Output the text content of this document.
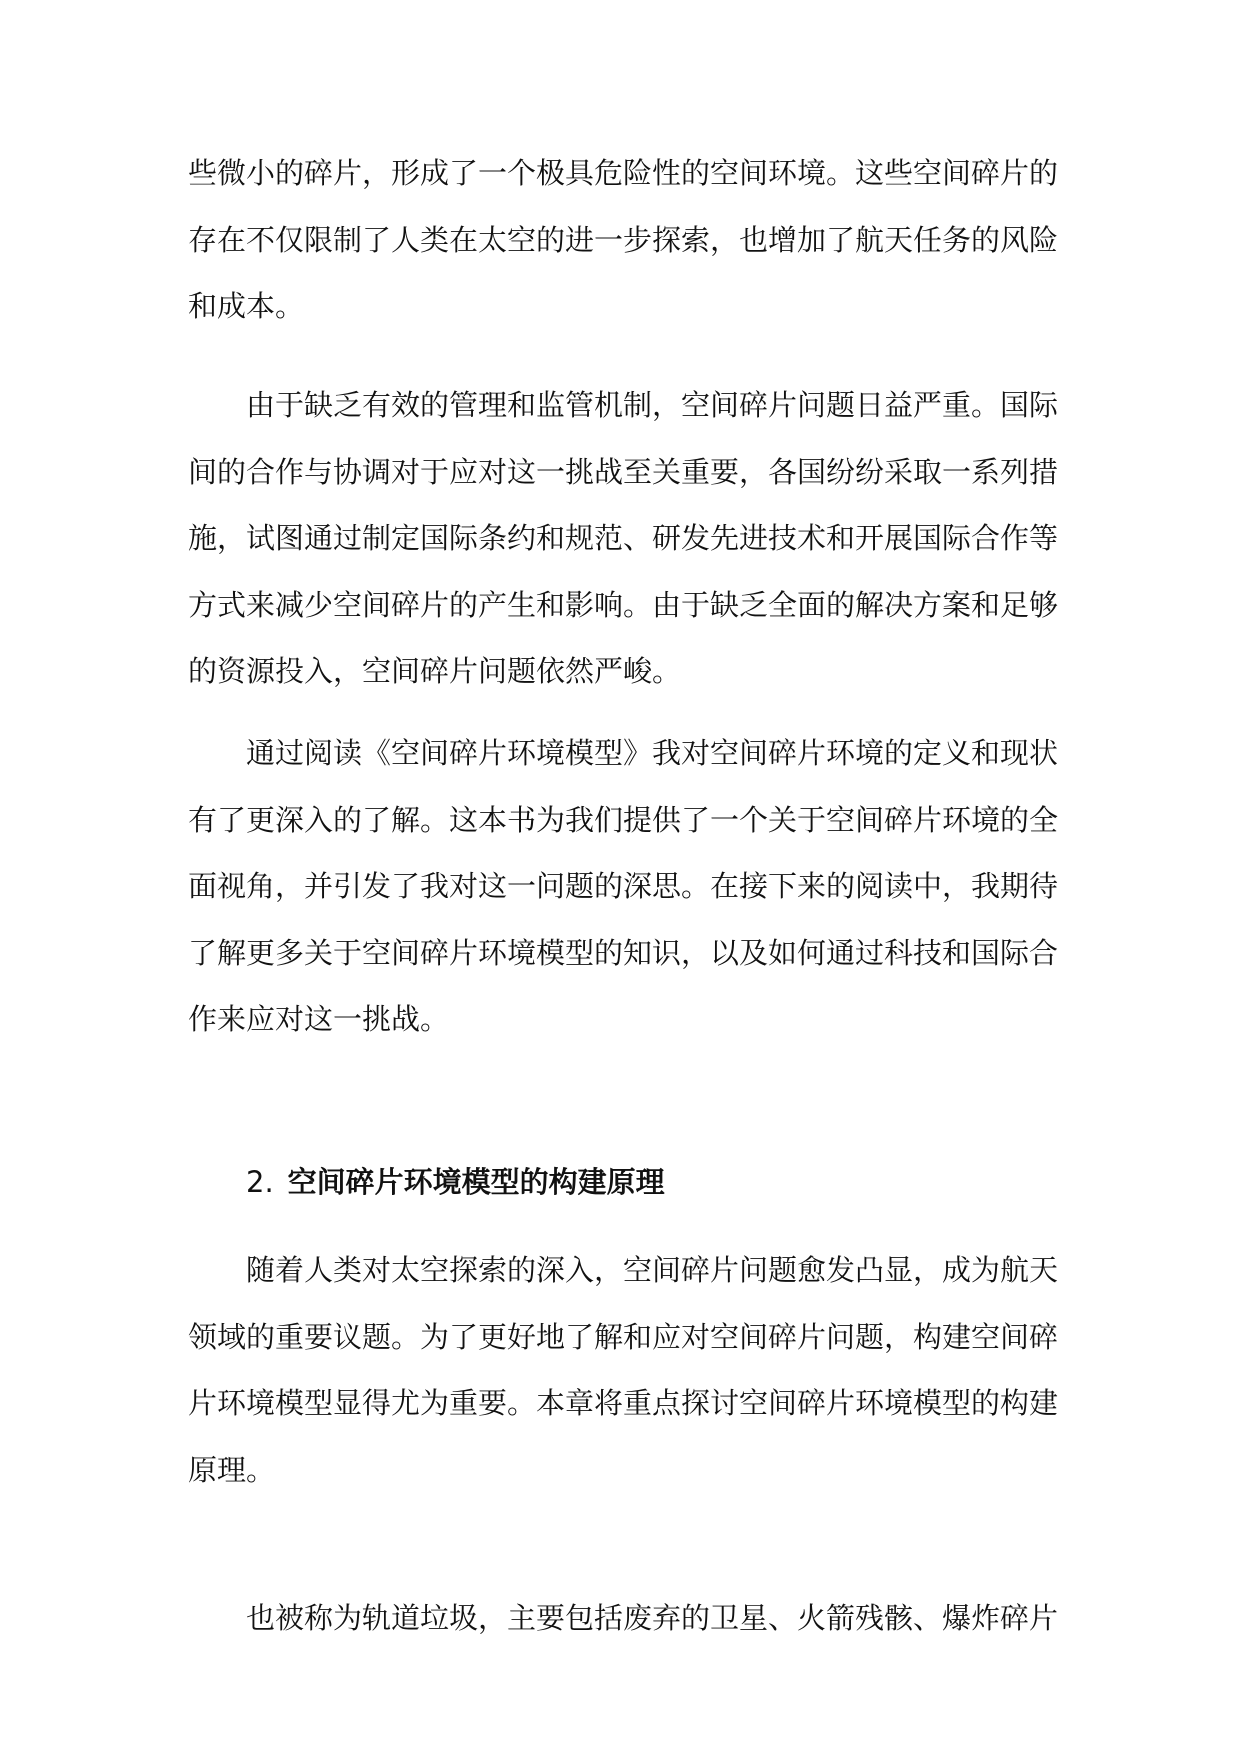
些微小的碎片，形成了一个极具危险性的空间环境。这些空间碎片的存在不仅限制了人类在太空的进一步探索，也增加了航天任务的风险和成本。

由于缺乏有效的管理和监管机制，空间碎片问题日益严重。国际间的合作与协调对于应对这一挑战至关重要，各国纷纷采取一系列措施，试图通过制定国际条约和规范、研发先进技术和开展国际合作等方式来减少空间碎片的产生和影响。由于缺乏全面的解决方案和足够的资源投入，空间碎片问题依然严峻。

通过阅读《空间碎片环境模型》我对空间碎片环境的定义和现状有了更深入的了解。这本书为我们提供了一个关于空间碎片环境的全面视角，并引发了我对这一问题的深思。在接下来的阅读中，我期待了解更多关于空间碎片环境模型的知识，以及如何通过科技和国际合作来应对这一挑战。

2. 空间碎片环境模型的构建原理

随着人类对太空探索的深入，空间碎片问题愈发凸显，成为航天领域的重要议题。为了更好地了解和应对空间碎片问题，构建空间碎片环境模型显得尤为重要。本章将重点探讨空间碎片环境模型的构建原理。

也被称为轨道垃圾，主要包括废弃的卫星、火箭残骸、爆炸碎片
